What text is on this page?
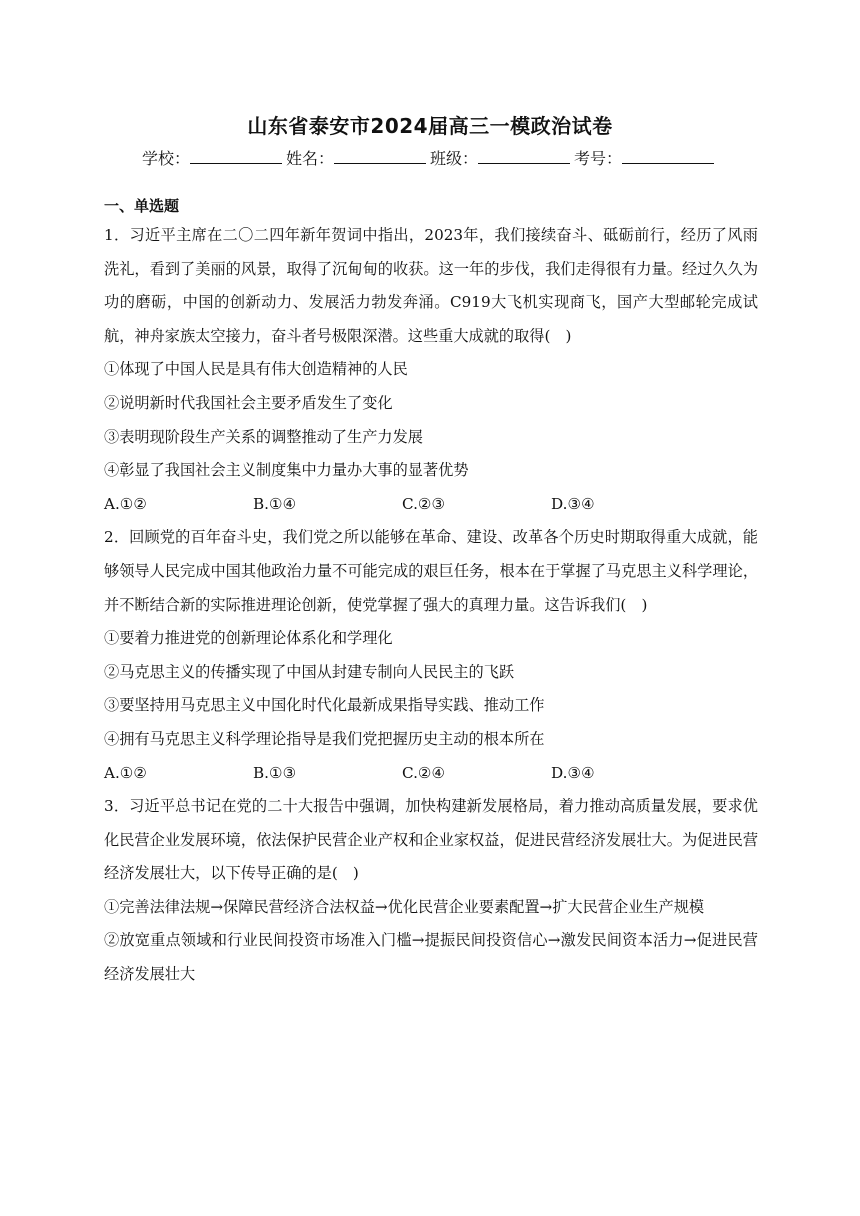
山东省泰安市2024届高三一模政治试卷
学校：	姓名：	班级：	考号：
一、单选题

1．习近平主席在二〇二四年新年贺词中指出，2023年，我们接续奋斗、砥砺前行，经历了风雨洗礼，看到了美丽的风景，取得了沉甸甸的收获。这一年的步伐，我们走得很有力量。经过久久为功的磨砺，中国的创新动力、发展活力勃发奔涌。C919大飞机实现商飞，国产大型邮轮完成试航，神舟家族太空接力，奋斗者号极限深潜。这些重大成就的取得(　)

①体现了中国人民是具有伟大创造精神的人民

②说明新时代我国社会主要矛盾发生了变化

③表明现阶段生产关系的调整推动了生产力发展

④彰显了我国社会主义制度集中力量办大事的显著优势

A.①②	B.①④	C.②③	D.③④

2．回顾党的百年奋斗史，我们党之所以能够在革命、建设、改革各个历史时期取得重大成就，能够领导人民完成中国其他政治力量不可能完成的艰巨任务，根本在于掌握了马克思主义科学理论，并不断结合新的实际推进理论创新，使党掌握了强大的真理力量。这告诉我们(　)

①要着力推进党的创新理论体系化和学理化

②马克思主义的传播实现了中国从封建专制向人民民主的飞跃

③要坚持用马克思主义中国化时代化最新成果指导实践、推动工作

④拥有马克思主义科学理论指导是我们党把握历史主动的根本所在

A.①②	B.①③	C.②④	D.③④

3．习近平总书记在党的二十大报告中强调，加快构建新发展格局，着力推动高质量发展，要求优化民营企业发展环境，依法保护民营企业产权和企业家权益，促进民营经济发展壮大。为促进民营经济发展壮大，以下传导正确的是(　)

①完善法律法规→保障民营经济合法权益→优化民营企业要素配置→扩大民营企业生产规模

②放宽重点领域和行业民间投资市场准入门槛→提振民间投资信心→激发民间资本活力→促进民营经济发展壮大
